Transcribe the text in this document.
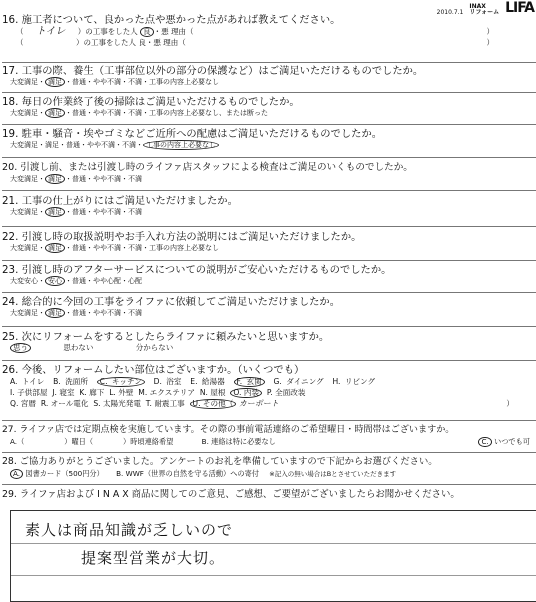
2010.7.1
INAX
リフォーム LIFA
16. 施工者について、良かった点や悪かった点があれば教えてください。
（ トイレ ）の工事をした人 良 ・悪 理由（	）
（　　　　　　　）の工事をした人 良・悪 理由（	）
17. 工事の際、養生（工事部位以外の部分の保護など）はご満足いただけるものでしたか。
大変満足・ 満足 ・普通・やや不満・不満・工事の内容上必要なし
18. 毎日の作業終了後の掃除はご満足いただけるものでしたか。
大変満足・ 満足 ・普通・やや不満・不満・工事の内容上必要なし、または断った
19. 駐車・騒音・埃やゴミなどご近所への配慮はご満足いただけるものでしたか。
大変満足・満足・普通・やや不満・不満・ 工事の内容上必要なし
20. 引渡し前、または引渡し時のライファ店スタッフによる検査はご満足のいくものでしたか。
大変満足・ 満足 ・普通・やや不満・不満
21. 工事の仕上がりにはご満足いただけましたか。
大変満足・ 満足 ・普通・やや不満・不満
22. 引渡し時の取扱説明やお手入れ方法の説明にはご満足いただけましたか。
大変満足・ 満足 ・普通・やや不満・不満・工事の内容上必要なし
23. 引渡し時のアフターサービスについての説明がご安心いただけるものでしたか。
大変安心・ 安心 ・普通・やや心配・心配
24. 総合的に今回の工事をライファに依頼してご満足いただけましたか。
大変満足・ 満足 ・普通・やや不満・不満
25. 次にリフォームをするとしたらライファに頼みたいと思いますか。
思う	思わない	分からない
26. 今後、リフォームしたい部位はございますか。（いくつでも）
A. トイレ B. 洗面所 C. キッチン D. 浴室 E. 給湯器 F. 玄関 G. ダイニング H. リビング
I. 子供部屋 J. 寝室 K. 廊下 L. 外壁 M. エクステリア N. 屋根 O. 内装 P. 全面改装
Q. 宮暦 R. オール電化 S. 太陽光発電 T. 耐震工事 U. その他（ カーポート	）
27. ライファ店では定期点検を実施しています。その際の事前電話連絡のご希望曜日・時間帯はございますか。
A.（	）曜日（	）時頃連絡希望	B. 連絡は特に必要なし	C. いつでも可
28. ご協力ありがとうございました。アンケートのお礼を準備していますので下記からお選びください。
A. 図書カード（500円分） B. WWF（世界の自然を守る活動）への寄付 ※記入の無い場合はBとさせていただきます
29. ライファ店および I N A X 商品に関してのご意見、ご感想、ご要望がございましたらお聞かせください。
素人は商品知識が乏しいので
提案型営業が大切。
